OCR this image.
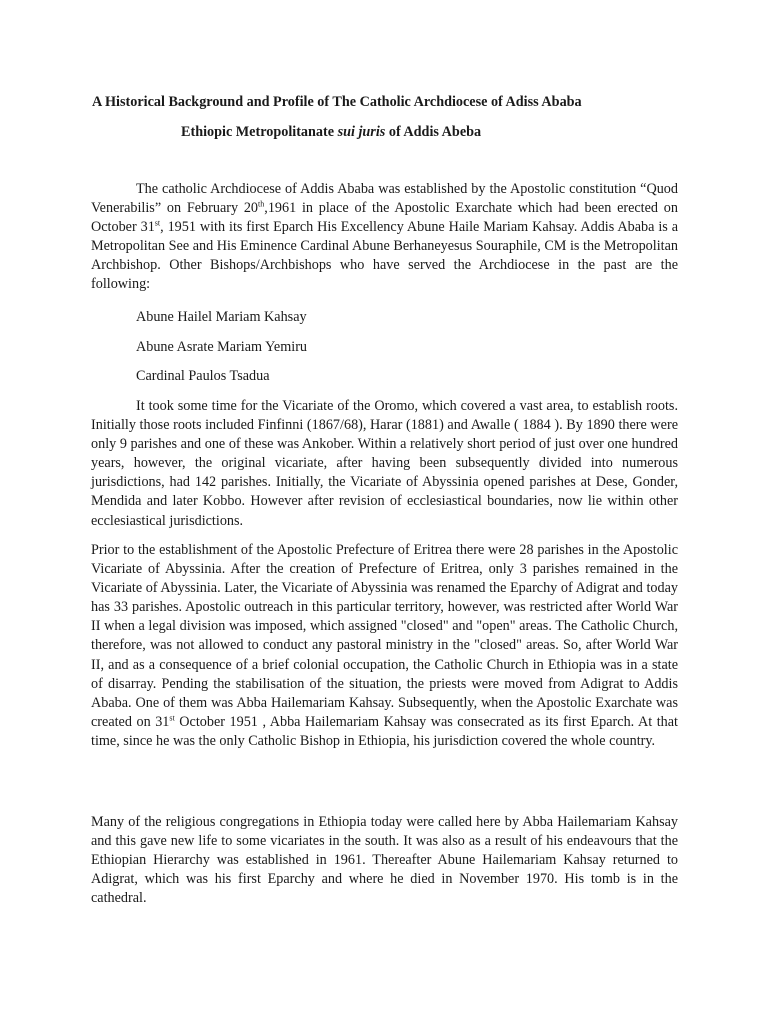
A Historical Background and Profile of The Catholic Archdiocese of Adiss Ababa
Ethiopic Metropolitanate sui juris of Addis Abeba

The catholic Archdiocese of Addis Ababa was established by the Apostolic constitution “Quod Venerabilis” on February 20th,1961 in place of the Apostolic Exarchate which had been erected on October 31st, 1951 with its first Eparch His Excellency Abune Haile Mariam Kahsay. Addis Ababa is a Metropolitan See and His Eminence Cardinal Abune Berhaneyesus Souraphile, CM is the Metropolitan Archbishop. Other Bishops/Archbishops who have served the Archdiocese in the past are the following:

Abune Hailel Mariam Kahsay

Abune Asrate Mariam Yemiru

Cardinal Paulos Tsadua

It took some time for the Vicariate of the Oromo, which covered a vast area, to establish roots. Initially those roots included Finfinni (1867/68), Harar (1881) and Awalle ( 1884 ). By 1890 there were only 9 parishes and one of these was Ankober. Within a relatively short period of just over one hundred years, however, the original vicariate, after having been subsequently divided into numerous jurisdictions, had 142 parishes. Initially, the Vicariate of Abyssinia opened parishes at Dese, Gonder, Mendida and later Kobbo. However after revision of ecclesiastical boundaries, now lie within other ecclesiastical jurisdictions.

Prior to the establishment of the Apostolic Prefecture of Eritrea there were 28 parishes in the Apostolic Vicariate of Abyssinia. After the creation of Prefecture of Eritrea, only 3 parishes remained in the Vicariate of Abyssinia. Later, the Vicariate of Abyssinia was renamed the Eparchy of Adigrat and today has 33 parishes. Apostolic outreach in this particular territory, however, was restricted after World War II when a legal division was imposed, which assigned "closed" and "open" areas. The Catholic Church, therefore, was not allowed to conduct any pastoral ministry in the "closed" areas. So, after World War II, and as a consequence of a brief colonial occupation, the Catholic Church in Ethiopia was in a state of disarray. Pending the stabilisation of the situation, the priests were moved from Adigrat to Addis Ababa. One of them was Abba Hailemariam Kahsay. Subsequently, when the Apostolic Exarchate was created on 31st October 1951 , Abba Hailemariam Kahsay was consecrated as its first Eparch. At that time, since he was the only Catholic Bishop in Ethiopia, his jurisdiction covered the whole country.

Many of the religious congregations in Ethiopia today were called here by Abba Hailemariam Kahsay and this gave new life to some vicariates in the south. It was also as a result of his endeavours that the Ethiopian Hierarchy was established in 1961. Thereafter Abune Hailemariam Kahsay returned to Adigrat, which was his first Eparchy and where he died in November 1970. His tomb is in the cathedral.
